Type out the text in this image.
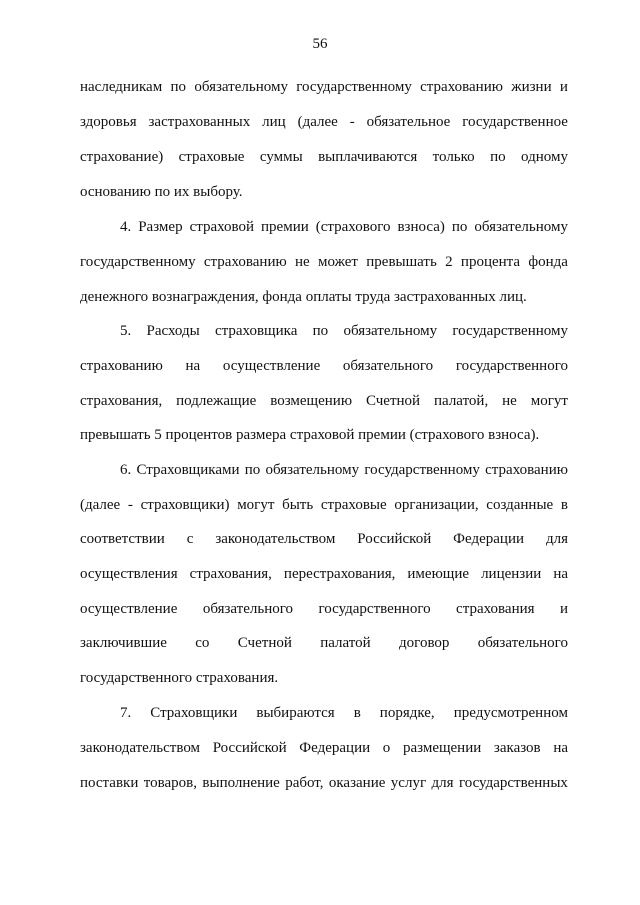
56
наследникам по обязательному государственному страхованию жизни и
здоровья застрахованных лиц (далее - обязательное государственное
страхование) страховые суммы выплачиваются только по одному
основанию по их выбору.
4. Размер страховой премии (страхового взноса) по обязательному
государственному страхованию не может превышать 2 процента фонда
денежного вознаграждения, фонда оплаты труда застрахованных лиц.
5. Расходы страховщика по обязательному государственному
страхованию на осуществление обязательного государственного
страхования, подлежащие возмещению Счетной палатой, не могут
превышать 5 процентов размера страховой премии (страхового взноса).
6. Страховщиками по обязательному государственному страхованию
(далее - страховщики) могут быть страховые организации, созданные в
соответствии с законодательством Российской Федерации для
осуществления страхования, перестрахования, имеющие лицензии на
осуществление обязательного государственного страхования и
заключившие со Счетной палатой договор обязательного
государственного страхования.
7. Страховщики выбираются в порядке, предусмотренном
законодательством Российской Федерации о размещении заказов на
поставки товаров, выполнение работ, оказание услуг для государственных
